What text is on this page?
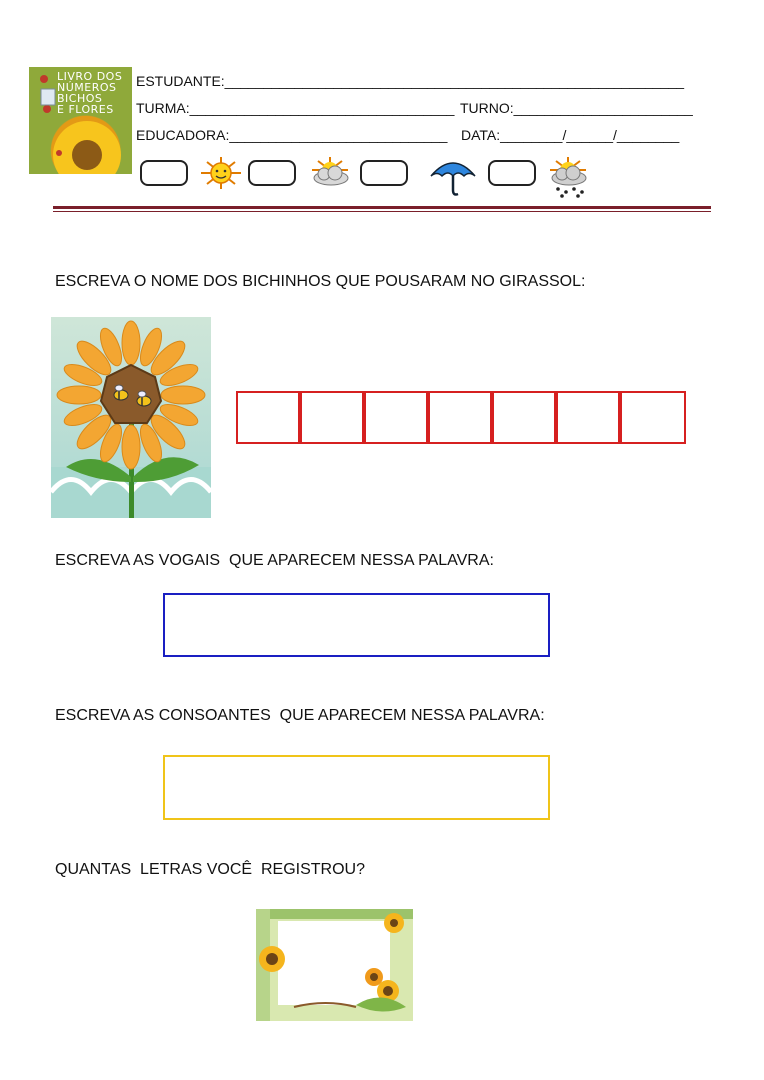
LIVRO DOS
NÚMEROS
BICHOS
E FLORES
ESTUDANTE:___________________________________________________________
TURMA:__________________________________ TURNO:_______________________
EDUCADORA:____________________________ DATA:________/______/________
ESCREVA O NOME DOS BICHINHOS QUE POUSARAM NO GIRASSOL:
ESCREVA AS VOGAIS  QUE APARECEM NESSA PALAVRA:
ESCREVA AS CONSOANTES  QUE APARECEM NESSA PALAVRA:
QUANTAS  LETRAS VOCÊ  REGISTROU?
